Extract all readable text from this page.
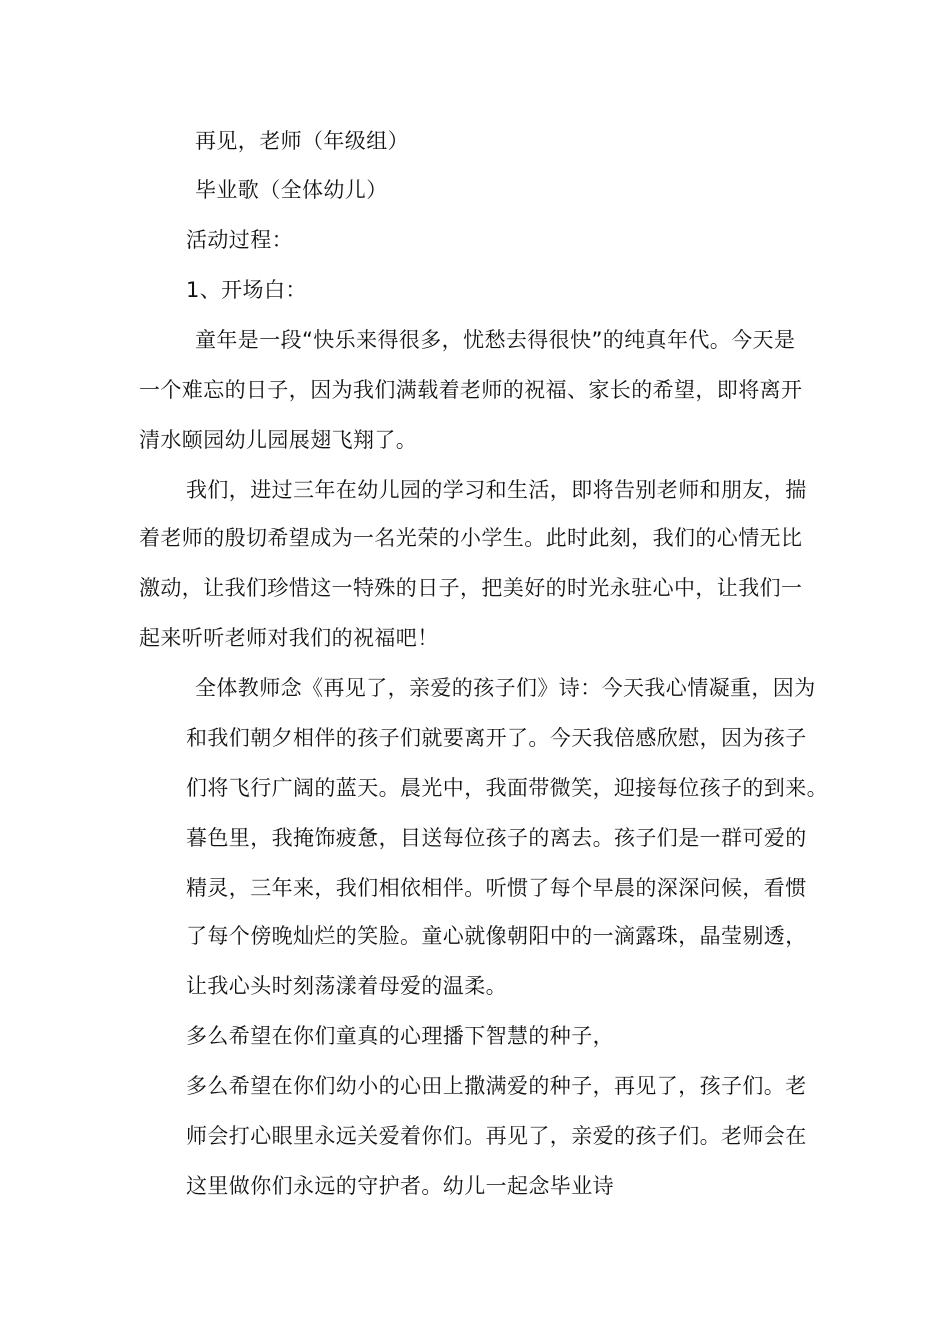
再见，老师（年级组）

毕业歌（全体幼儿）

活动过程：

1、开场白：

童年是一段“快乐来得很多，忧愁去得很快”的纯真年代。今天是

一个难忘的日子，因为我们满载着老师的祝福、家长的希望，即将离开

清水颐园幼儿园展翅飞翔了。

我们，进过三年在幼儿园的学习和生活，即将告别老师和朋友，揣

着老师的殷切希望成为一名光荣的小学生。此时此刻，我们的心情无比

激动，让我们珍惜这一特殊的日子，把美好的时光永驻心中，让我们一

起来听听老师对我们的祝福吧！

全体教师念《再见了，亲爱的孩子们》诗：今天我心情凝重，因为

和我们朝夕相伴的孩子们就要离开了。今天我倍感欣慰，因为孩子

们将飞行广阔的蓝天。晨光中，我面带微笑，迎接每位孩子的到来。

暮色里，我掩饰疲惫，目送每位孩子的离去。孩子们是一群可爱的

精灵，三年来，我们相依相伴。听惯了每个早晨的深深问候，看惯

了每个傍晚灿烂的笑脸。童心就像朝阳中的一滴露珠，晶莹剔透，

让我心头时刻荡漾着母爱的温柔。

多么希望在你们童真的心理播下智慧的种子，

多么希望在你们幼小的心田上撒满爱的种子，再见了，孩子们。老

师会打心眼里永远关爱着你们。再见了，亲爱的孩子们。老师会在

这里做你们永远的守护者。幼儿一起念毕业诗
